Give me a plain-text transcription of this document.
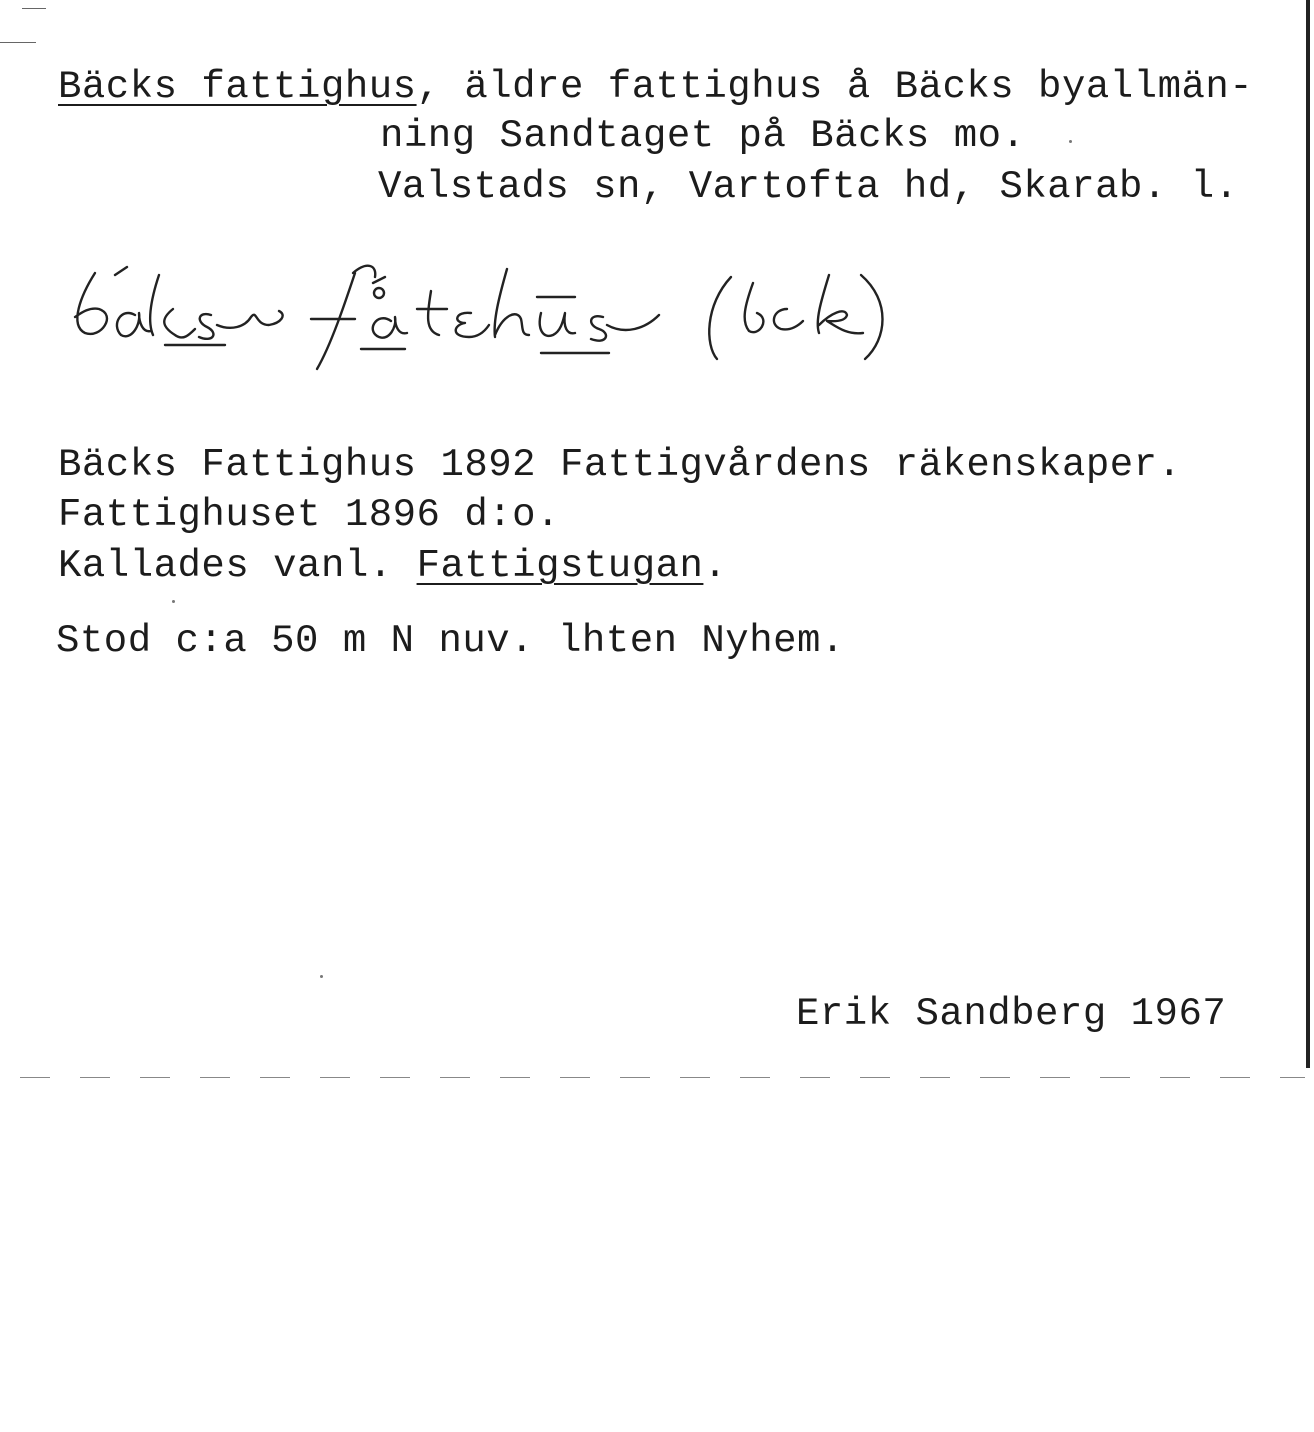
Bäcks fattighus, äldre fattighus å Bäcks byallmän-
ning Sandtaget på Bäcks mo.
Valstads sn, Vartofta hd, Skarab. l.
Bäcks Fattighus 1892 Fattigvårdens räkenskaper.
Fattighuset 1896 d:o.
Kallades vanl. Fattigstugan.
Stod c:a 50 m N nuv. lhten Nyhem.
Erik Sandberg 1967
